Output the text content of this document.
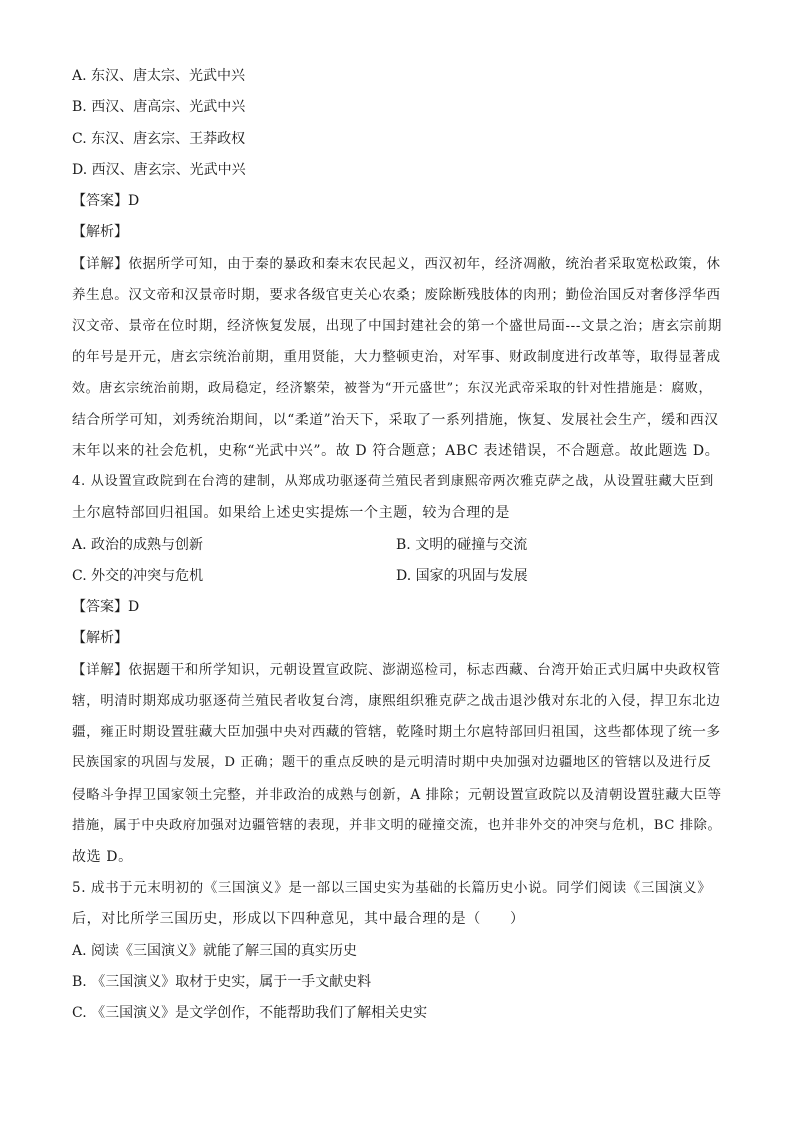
A. 东汉、唐太宗、光武中兴
B. 西汉、唐高宗、光武中兴
C. 东汉、唐玄宗、王莽政权
D. 西汉、唐玄宗、光武中兴
【答案】D
【解析】
【详解】依据所学可知，由于秦的暴政和秦末农民起义，西汉初年，经济凋敝，统治者采取宽松政策，休
养生息。汉文帝和汉景帝时期，要求各级官吏关心农桑；废除断残肢体的肉刑；勤俭治国反对奢侈浮华西
汉文帝、景帝在位时期，经济恢复发展，出现了中国封建社会的第一个盛世局面---文景之治；唐玄宗前期
的年号是开元，唐玄宗统治前期，重用贤能，大力整顿吏治，对军事、财政制度进行改革等，取得显著成
效。唐玄宗统治前期，政局稳定，经济繁荣，被誉为“开元盛世”；东汉光武帝采取的针对性措施是：腐败，
结合所学可知，刘秀统治期间，以“柔道”治天下，采取了一系列措施，恢复、发展社会生产，缓和西汉
末年以来的社会危机，史称“光武中兴”。故 D 符合题意；ABC 表述错误，不合题意。故此题选 D。
4. 从设置宣政院到在台湾的建制，从郑成功驱逐荷兰殖民者到康熙帝两次雅克萨之战，从设置驻藏大臣到
土尔扈特部回归祖国。如果给上述史实提炼一个主题，较为合理的是
A. 政治的成熟与创新	B. 文明的碰撞与交流
C. 外交的冲突与危机	D. 国家的巩固与发展
【答案】D
【解析】
【详解】依据题干和所学知识，元朝设置宣政院、澎湖巡检司，标志西藏、台湾开始正式归属中央政权管
辖，明清时期郑成功驱逐荷兰殖民者收复台湾，康熙组织雅克萨之战击退沙俄对东北的入侵，捍卫东北边
疆，雍正时期设置驻藏大臣加强中央对西藏的管辖，乾隆时期土尔扈特部回归祖国，这些都体现了统一多
民族国家的巩固与发展，D 正确；题干的重点反映的是元明清时期中央加强对边疆地区的管辖以及进行反
侵略斗争捍卫国家领土完整，并非政治的成熟与创新，A 排除；元朝设置宣政院以及清朝设置驻藏大臣等
措施，属于中央政府加强对边疆管辖的表现，并非文明的碰撞交流，也并非外交的冲突与危机，BC 排除。
故选 D。
5. 成书于元末明初的《三国演义》是一部以三国史实为基础的长篇历史小说。同学们阅读《三国演义》
后，对比所学三国历史，形成以下四种意见，其中最合理的是（　　）
A. 阅读《三国演义》就能了解三国的真实历史
B. 《三国演义》取材于史实，属于一手文献史料
C. 《三国演义》是文学创作，不能帮助我们了解相关史实
